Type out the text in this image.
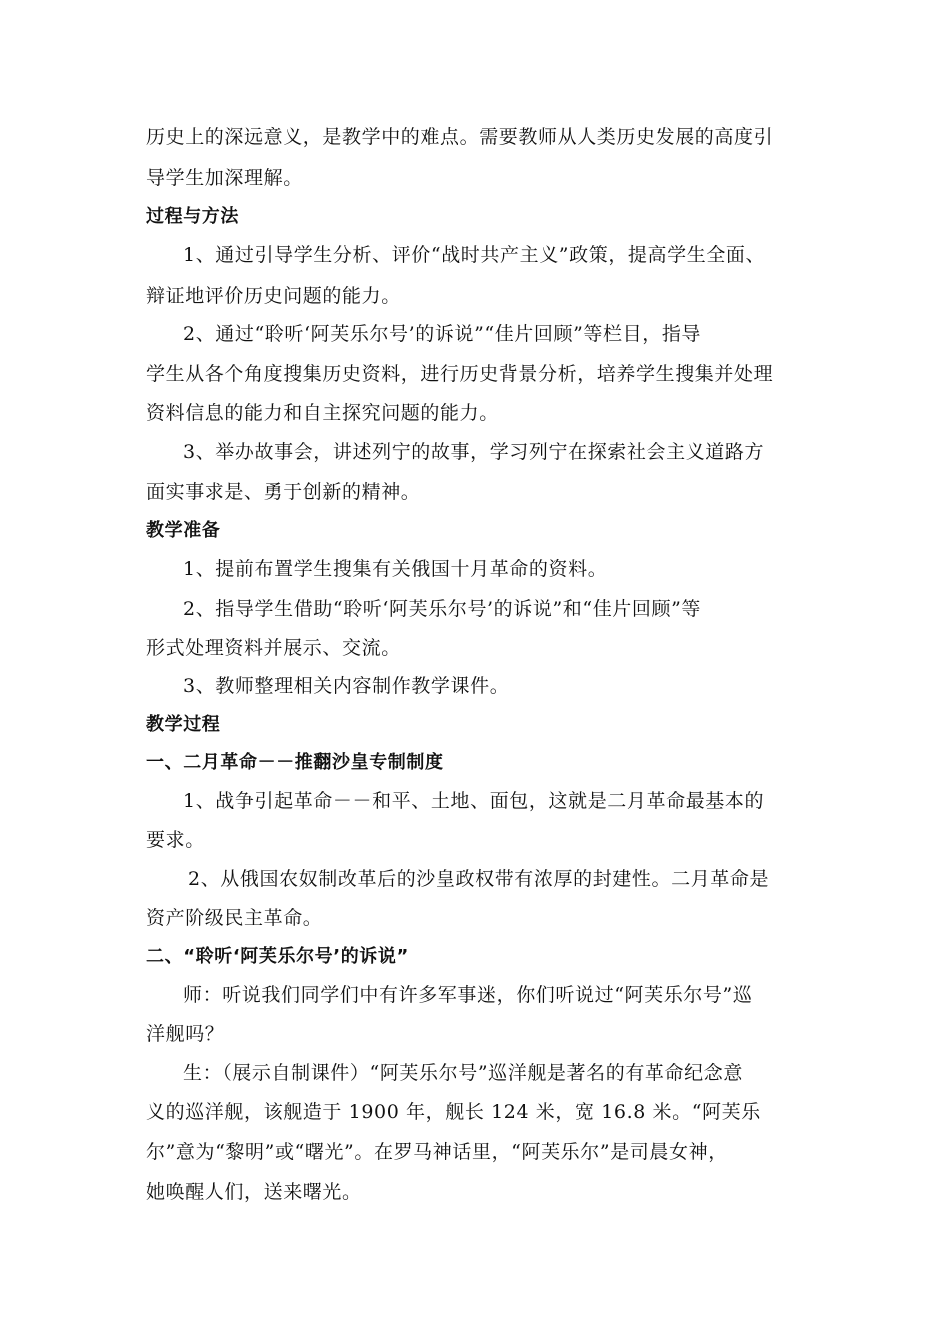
历史上的深远意义，是教学中的难点。需要教师从人类历史发展的高度引
导学生加深理解。
过程与方法
1、通过引导学生分析、评价“战时共产主义”政策，提高学生全面、
辩证地评价历史问题的能力。
2、通过“聆听‘阿芙乐尔号’的诉说”“佳片回顾”等栏目，指导
学生从各个角度搜集历史资料，进行历史背景分析，培养学生搜集并处理
资料信息的能力和自主探究问题的能力。
3、举办故事会，讲述列宁的故事，学习列宁在探索社会主义道路方
面实事求是、勇于创新的精神。
教学准备
1、提前布置学生搜集有关俄国十月革命的资料。
2、指导学生借助“聆听‘阿芙乐尔号’的诉说”和“佳片回顾”等
形式处理资料并展示、交流。
3、教师整理相关内容制作教学课件。
教学过程
一、二月革命－－推翻沙皇专制制度
1、战争引起革命－－和平、土地、面包，这就是二月革命最基本的
要求。
2、从俄国农奴制改革后的沙皇政权带有浓厚的封建性。二月革命是
资产阶级民主革命。
二、“聆听‘阿芙乐尔号’的诉说”
师：听说我们同学们中有许多军事迷，你们听说过“阿芙乐尔号”巡
洋舰吗？
生：（展示自制课件）“阿芙乐尔号”巡洋舰是著名的有革命纪念意
义的巡洋舰，该舰造于 1900 年，舰长 124 米，宽 16.8 米。“阿芙乐
尔”意为“黎明”或“曙光”。在罗马神话里，“阿芙乐尔”是司晨女神，
她唤醒人们，送来曙光。
